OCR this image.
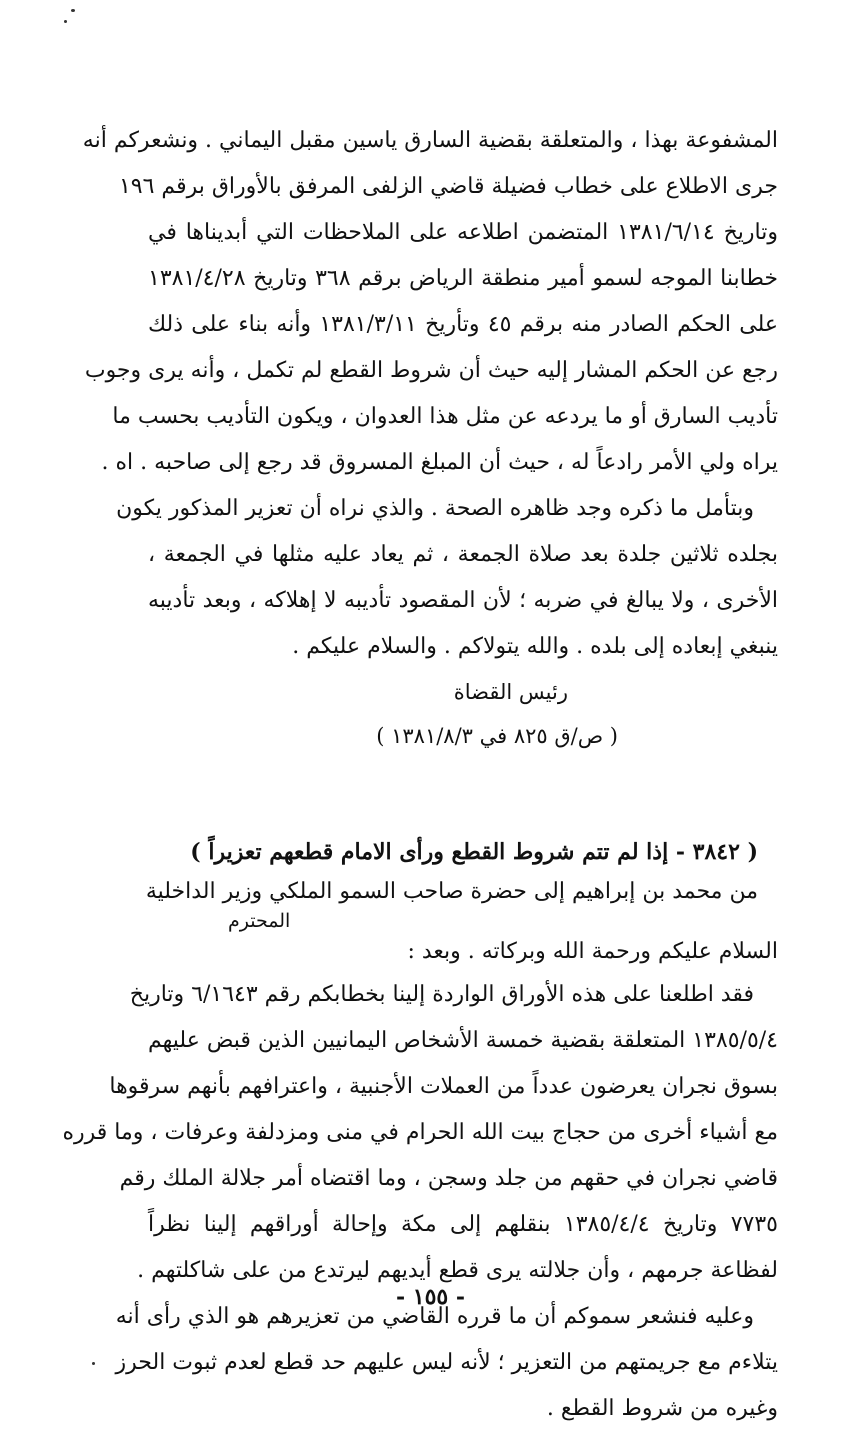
المشفوعة بهذا ، والمتعلقة بقضية السارق ياسين مقبل اليماني . ونشعركم أنه
جرى الاطلاع على خطاب فضيلة قاضي الزلفى المرفق بالأوراق برقم ١٩٦
وتاريخ ١٣٨١/٦/١٤ المتضمن اطلاعه على الملاحظات التي أبديناها في
خطابنا الموجه لسمو أمير منطقة الرياض برقم ٣٦٨ وتاريخ ١٣٨١/٤/٢٨
على الحكم الصادر منه برقم ٤٥ وتأريخ ١٣٨١/٣/١١ وأنه بناء على ذلك
رجع عن الحكم المشار إليه حيث أن شروط القطع لم تكمل ، وأنه يرى وجوب
تأديب السارق أو ما يردعه عن مثل هذا العدوان ، ويكون التأديب بحسب ما
يراه ولي الأمر رادعاً له ، حيث أن المبلغ المسروق قد رجع إلى صاحبه . اه .
وبتأمل ما ذكره وجد ظاهره الصحة . والذي نراه أن تعزير المذكور يكون
بجلده ثلاثين جلدة بعد صلاة الجمعة ، ثم يعاد عليه مثلها في الجمعة ،
الأخرى ، ولا يبالغ في ضربه ؛ لأن المقصود تأديبه لا إهلاكه ، وبعد تأديبه
ينبغي إبعاده إلى بلده . والله يتولاكم . والسلام عليكم .
رئيس القضاة
( ص/ق ٨٢٥ في ١٣٨١/٨/٣ )
( ٣٨٤٢ - إذا لم تتم شروط القطع ورأى الامام قطعهم تعزيراً )
من محمد بن إبراهيم إلى حضرة صاحب السمو الملكي وزير الداخلية
المحترم
السلام عليكم ورحمة الله وبركاته . وبعد :
فقد اطلعنا على هذه الأوراق الواردة إلينا بخطابكم رقم ٦/١٦٤٣ وتاريخ
١٣٨٥/٥/٤ المتعلقة بقضية خمسة الأشخاص اليمانيين الذين قبض عليهم
بسوق نجران يعرضون عدداً من العملات الأجنبية ، واعترافهم بأنهم سرقوها
مع أشياء أخرى من حجاج بيت الله الحرام في منى ومزدلفة وعرفات ، وما قرره
قاضي نجران في حقهم من جلد وسجن ، وما اقتضاه أمر جلالة الملك رقم
٧٧٣٥ وتاريخ ١٣٨٥/٤/٤ بنقلهم إلى مكة وإحالة أوراقهم إلينا نظراً
لفظاعة جرمهم ، وأن جلالته يرى قطع أيديهم ليرتدع من على شاكلتهم .
وعليه فنشعر سموكم أن ما قرره القاضي من تعزيرهم هو الذي رأى أنه
يتلاءم مع جريمتهم من التعزير ؛ لأنه ليس عليهم حد قطع لعدم ثبوت الحرز
وغيره من شروط القطع .
- ١٥٥ -
